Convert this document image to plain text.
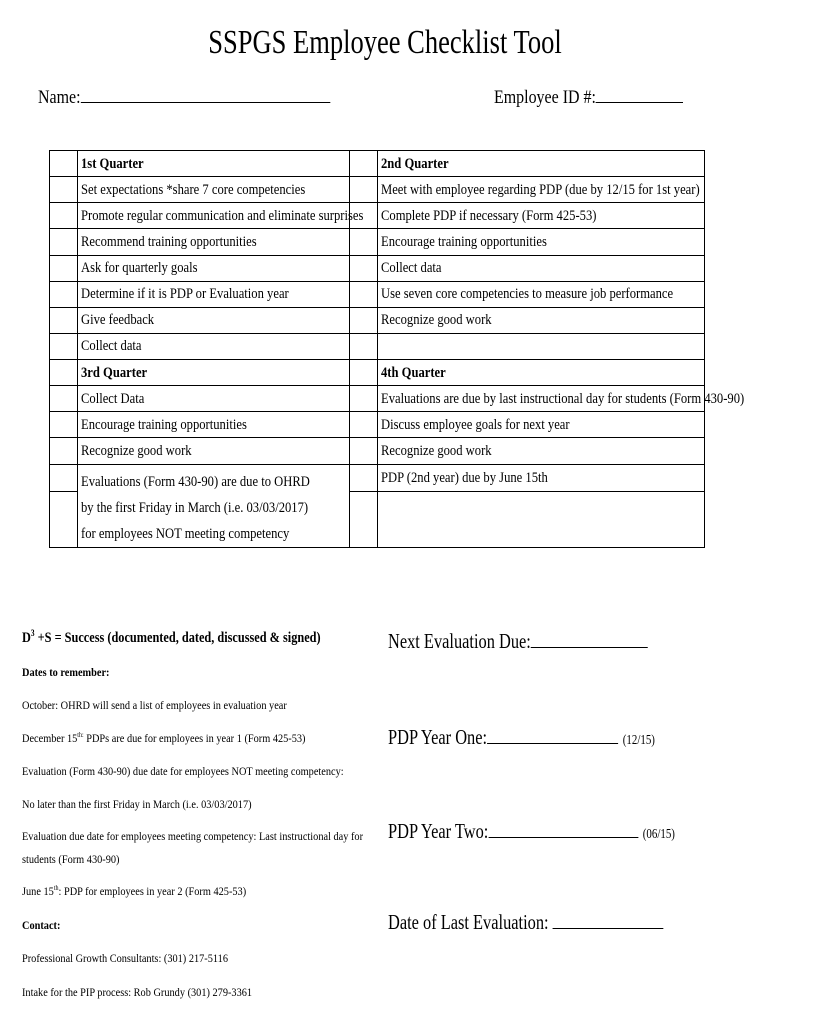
SSPGS Employee Checklist Tool
Name:	Employee ID #:
	1st Quarter		2nd Quarter
	Set expectations *share 7 core competencies		Meet with employee regarding PDP (due by 12/15 for 1st year)
	Promote regular communication and eliminate surprises		Complete PDP if necessary (Form 425-53)
	Recommend training opportunities		Encourage training opportunities
	Ask for quarterly goals		Collect data
	Determine if it is PDP or Evaluation year		Use seven core competencies to measure job performance
	Give feedback		Recognize good work
	Collect data		
	3rd Quarter		4th Quarter
	Collect Data		Evaluations are due by last instructional day for students (Form 430-90)
	Encourage training opportunities		Discuss employee goals for next year
	Recognize good work		Recognize good work
	Evaluations (Form 430-90) are due to OHRD
by the first Friday in March (i.e. 03/03/2017)
for employees NOT meeting competency		PDP (2nd year) due by June 15th

$D^3 +S$ = Success (documented, dated, discussed & signed)
Dates to remember:
October: OHRD will send a list of employees in evaluation year
December $15^{th:}$ PDPs are due for employees in year 1 (Form 425-53)
Evaluation (Form 430-90) due date for employees NOT meeting competency:
No later than the first Friday in March (i.e. 03/03/2017)
Evaluation due date for employees meeting competency: Last instructional day for
students (Form 430-90)
June 15th: PDP for employees in year 2 (Form 425-53)
Contact:
Professional Growth Consultants: (301) 217-5116
Intake for the PIP process: Rob Grundy (301) 279-3361
Next Evaluation Due:
PDP Year One:	(12/15)
PDP Year Two:	(06/15)
Date of Last Evaluation:
